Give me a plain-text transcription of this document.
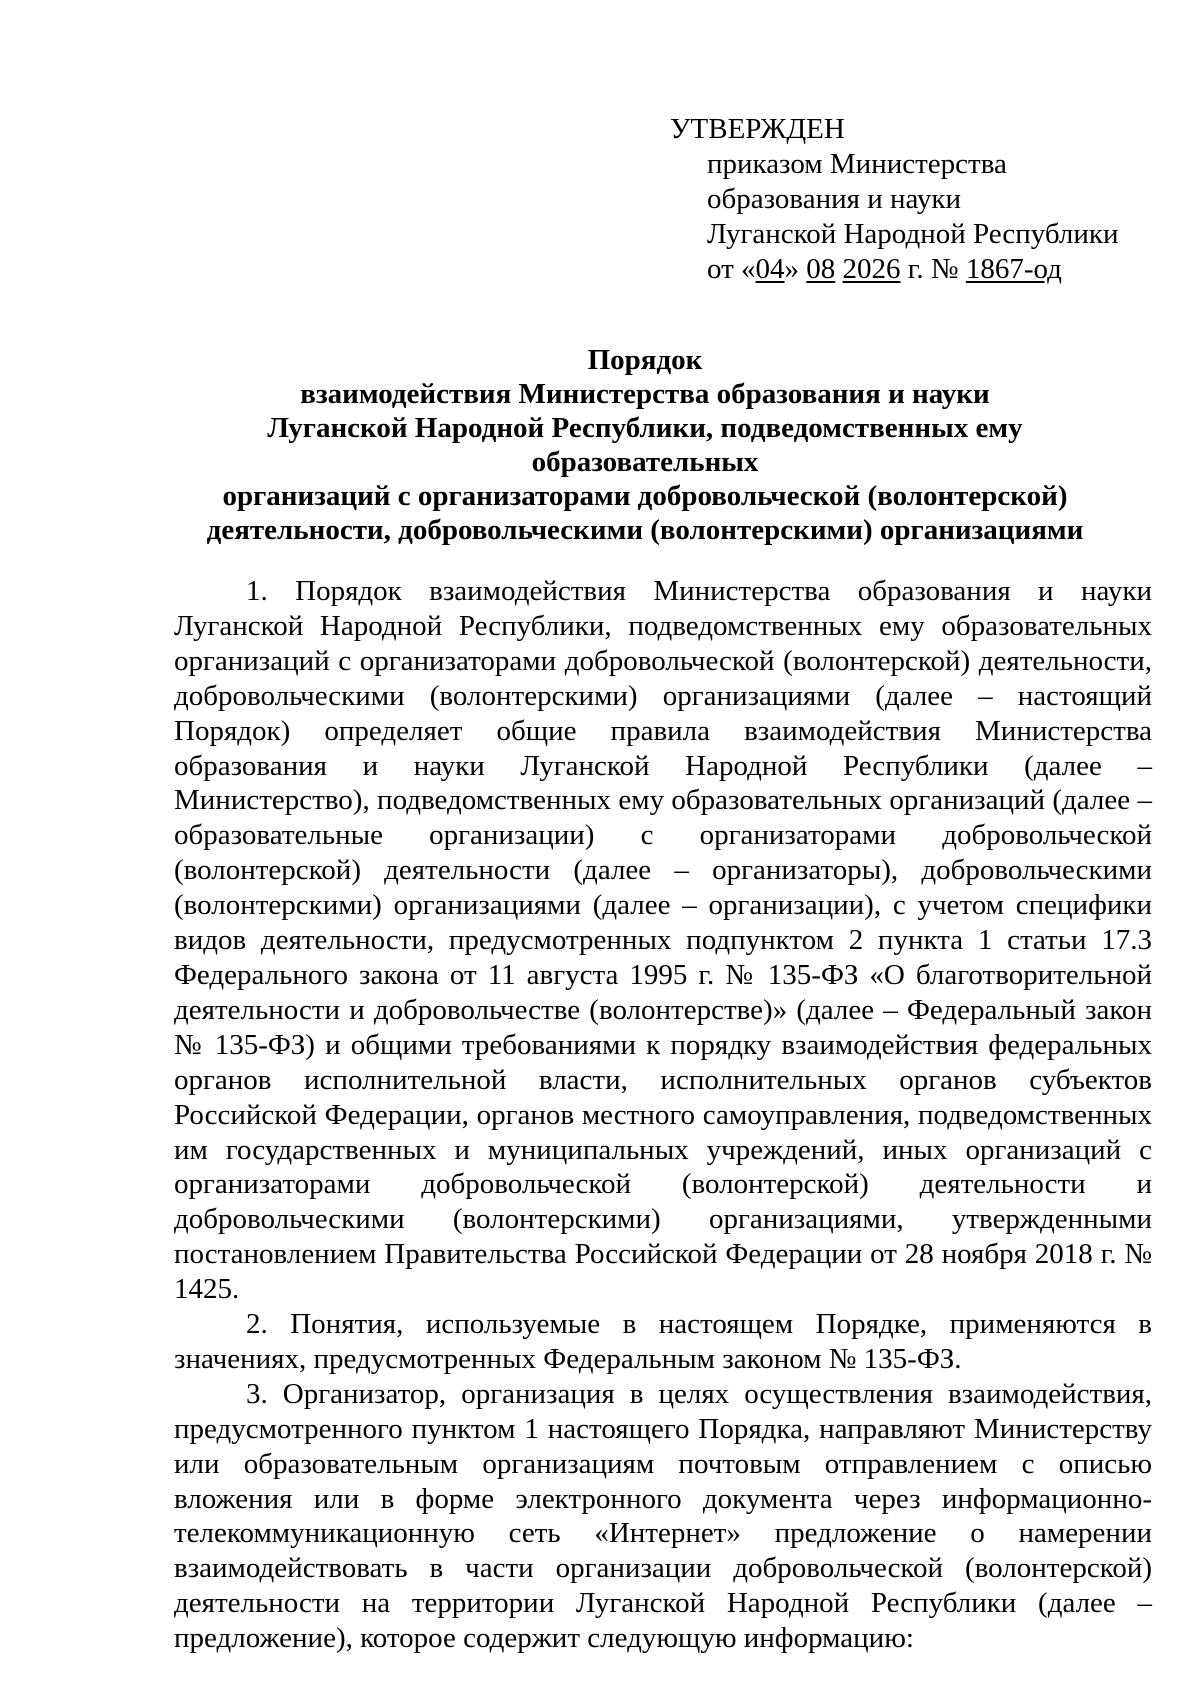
УТВЕРЖДЕН
приказом Министерства
образования и науки
Луганской Народной Республики
от «04» 08 2026 г. № 1867-од
Порядок
взаимодействия Министерства образования и науки
Луганской Народной Республики, подведомственных ему образовательных
организаций с организаторами добровольческой (волонтерской)
деятельности, добровольческими (волонтерскими) организациями

1. Порядок взаимодействия Министерства образования и науки Луганской Народной Республики, подведомственных ему образовательных организаций с организаторами добровольческой (волонтерской) деятельности, добровольческими (волонтерскими) организациями (далее – настоящий Порядок) определяет общие правила взаимодействия Министерства образования и науки Луганской Народной Республики (далее – Министерство), подведомственных ему образовательных организаций (далее – образовательные организации) с организаторами добровольческой (волонтерской) деятельности (далее – организаторы), добровольческими (волонтерскими) организациями (далее – организации), с учетом специфики видов деятельности, предусмотренных подпунктом 2 пункта 1 статьи 17.3 Федерального закона от 11 августа 1995 г. № 135-ФЗ «О благотворительной деятельности и добровольчестве (волонтерстве)» (далее – Федеральный закон № 135-ФЗ) и общими требованиями к порядку взаимодействия федеральных органов исполнительной власти, исполнительных органов субъектов Российской Федерации, органов местного самоуправления, подведомственных им государственных и муниципальных учреждений, иных организаций с организаторами добровольческой (волонтерской) деятельности и добровольческими (волонтерскими) организациями, утвержденными постановлением Правительства Российской Федерации от 28 ноября 2018 г. № 1425.

2. Понятия, используемые в настоящем Порядке, применяются в значениях, предусмотренных Федеральным законом № 135-ФЗ.

3. Организатор, организация в целях осуществления взаимодействия, предусмотренного пунктом 1 настоящего Порядка, направляют Министерству или образовательным организациям почтовым отправлением с описью вложения или в форме электронного документа через информационно-телекоммуникационную сеть «Интернет» предложение о намерении взаимодействовать в части организации добровольческой (волонтерской) деятельности на территории Луганской Народной Республики (далее – предложение), которое содержит следующую информацию:
